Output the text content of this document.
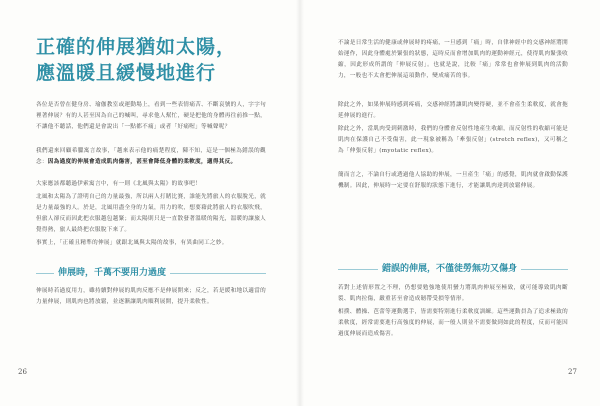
正確的伸展猶如太陽，
應溫暖且緩慢地進行
各位是否曾在健身房、瑜伽教室或運動場上，看到一些表情痛苦、不斷哀號的人，字字句裡著伸展？有的人甚至因為自己的喊叫，尋求他人幫忙，硬是把他的身體再往前推一點，不讓他不聽話，他們還是會說出「一點都不痛」或者「好痛喔」等喊聲呢？
我們還來回顧希臘寓言故事，「越來表示他的痛楚程度，陳不知，這是一個極為錯誤的觀念：因為過度的伸展會造成肌肉傷害，甚至會降低身體的柔軟度，適得其反。
大家應該都聽過伊索寓言中，有一則《北風與太陽》的故事吧！
北風和太陽為了證明自己的力量最強，所以兩人打賭比賽，誰能先將旅人的衣服脫光，就是力量最強的人。於是，北風用盡全身的力氣，用力的吹，想要藉此將旅人的衣服吹飛，但旅人卻反而因此把衣服越包越緊；而太陽則只是一直散發著溫暖的陽光，溫暖的讓旅人覺得熱，旅人最終把衣服脫下來了。
事實上，「正確且精準的伸展」就跟北風與太陽的故事，有異曲同工之妙。
伸展時，千萬不要用力過度
伸展時若過度用力，雖持續對伸展的肌肉反應不是伸展開來；反之，若是緩和地以適當的力量伸展，則肌肉也將放鬆，並逐漸讓肌肉順利展開，提升柔軟性。
26
不論是日常生活的健康或伸展時的疼痛，一旦感到「痛」時，自律神經中的交感神經將開始運作，因此身體處於緊張的狀態，這時反而會增加肌肉的運動神經元，使得肌肉緊張收縮，因此形成所謂的「伸展反射」。也就是說，比較「痛」常常也會伸展到肌肉的活動力，一般也不太會把伸展這項動作，變成痛苦的事。
除此之外，如果伸展時感到疼痛，交感神經將讓肌肉變得硬，並不會產生柔軟度，就會拖延伸展的進行。
除此之外，當肌肉受到刺激時，我們的身體會反射性地產生收縮，而反射性的收縮可能是肌肉在保護自己不受傷害，此一現象被稱為「牽張反射」(stretch reflex)，又可稱之為「伸張反射」(myotatic reflex)。
簡而言之，不論自行或透過他人協助的伸展，一旦產生「痛」的感覺，肌肉就會啟動保護機制。因此，伸展時一定要在舒服的狀態下進行，才能讓肌肉達到放鬆伸展。
錯誤的伸展，不僅徒勞無功又傷身
若對上述情形置之不理，仍想要勉強地使用蠻力將肌肉伸展至極致，就可能導致肌肉斷裂、肌肉拉傷，嚴重甚至會造成韌帶受損等情形。
相撲、體操、芭蕾等運動選手，皆需要特別進行柔軟度訓練。這些運動員為了追求極致的柔軟度，經常需要進行高強度的伸展，而一般人則並不需要做到如此的程度，反而可能因過度伸展而造成傷害。
27
